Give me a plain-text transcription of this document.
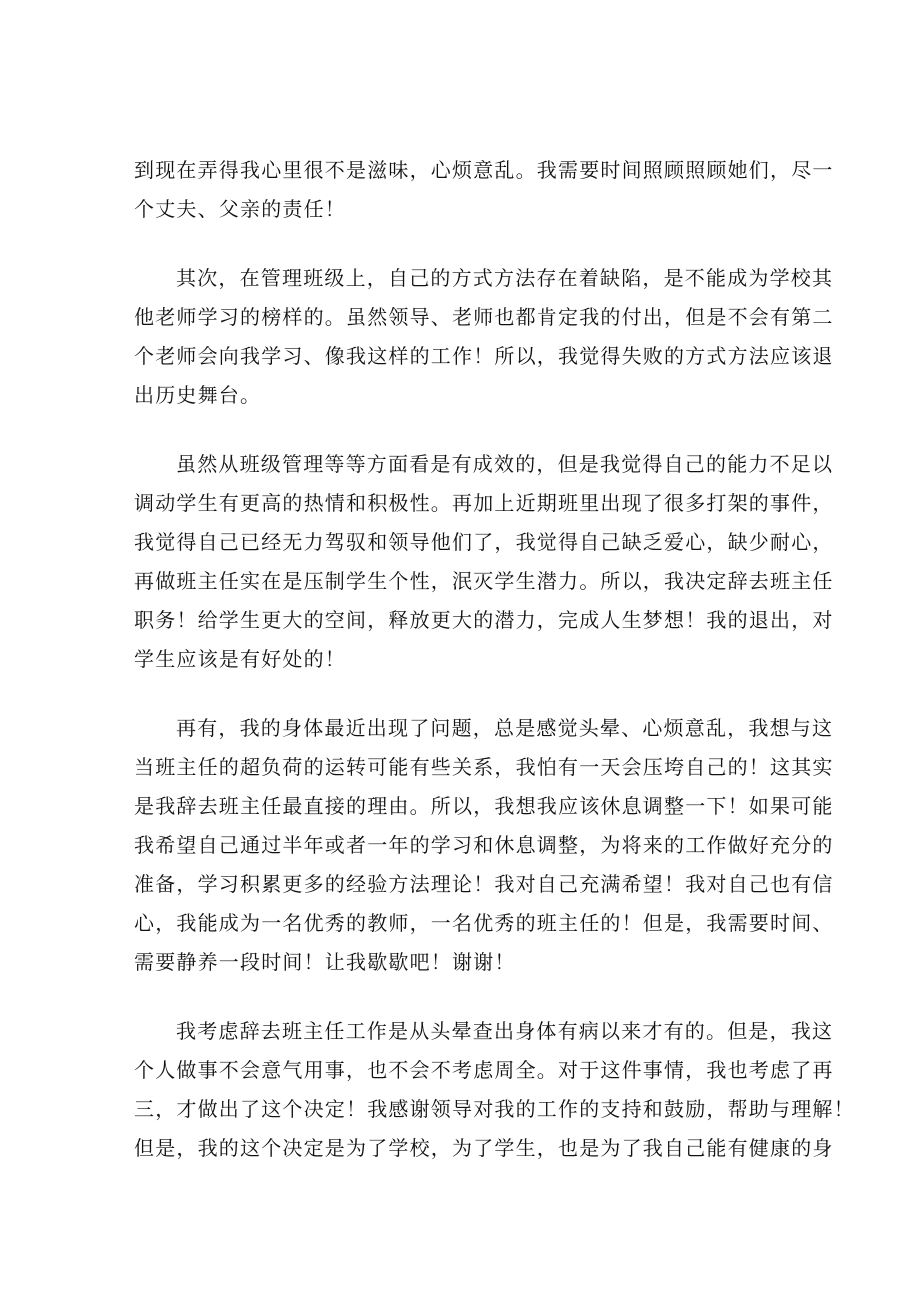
到现在弄得我心里很不是滋味，心烦意乱。我需要时间照顾照顾她们，尽一
个丈夫、父亲的责任！
其次，在管理班级上，自己的方式方法存在着缺陷，是不能成为学校其
他老师学习的榜样的。虽然领导、老师也都肯定我的付出，但是不会有第二
个老师会向我学习、像我这样的工作！所以，我觉得失败的方式方法应该退
出历史舞台。
虽然从班级管理等等方面看是有成效的，但是我觉得自己的能力不足以
调动学生有更高的热情和积极性。再加上近期班里出现了很多打架的事件，
我觉得自己已经无力驾驭和领导他们了，我觉得自己缺乏爱心，缺少耐心，
再做班主任实在是压制学生个性，泯灭学生潜力。所以，我决定辞去班主任
职务！给学生更大的空间，释放更大的潜力，完成人生梦想！我的退出，对
学生应该是有好处的！
再有，我的身体最近出现了问题，总是感觉头晕、心烦意乱，我想与这
当班主任的超负荷的运转可能有些关系，我怕有一天会压垮自己的！这其实
是我辞去班主任最直接的理由。所以，我想我应该休息调整一下！如果可能
我希望自己通过半年或者一年的学习和休息调整，为将来的工作做好充分的
准备，学习积累更多的经验方法理论！我对自己充满希望！我对自己也有信
心，我能成为一名优秀的教师，一名优秀的班主任的！但是，我需要时间、
需要静养一段时间！让我歇歇吧！谢谢！
我考虑辞去班主任工作是从头晕查出身体有病以来才有的。但是，我这
个人做事不会意气用事，也不会不考虑周全。对于这件事情，我也考虑了再
三，才做出了这个决定！我感谢领导对我的工作的支持和鼓励，帮助与理解！
但是，我的这个决定是为了学校，为了学生，也是为了我自己能有健康的身
